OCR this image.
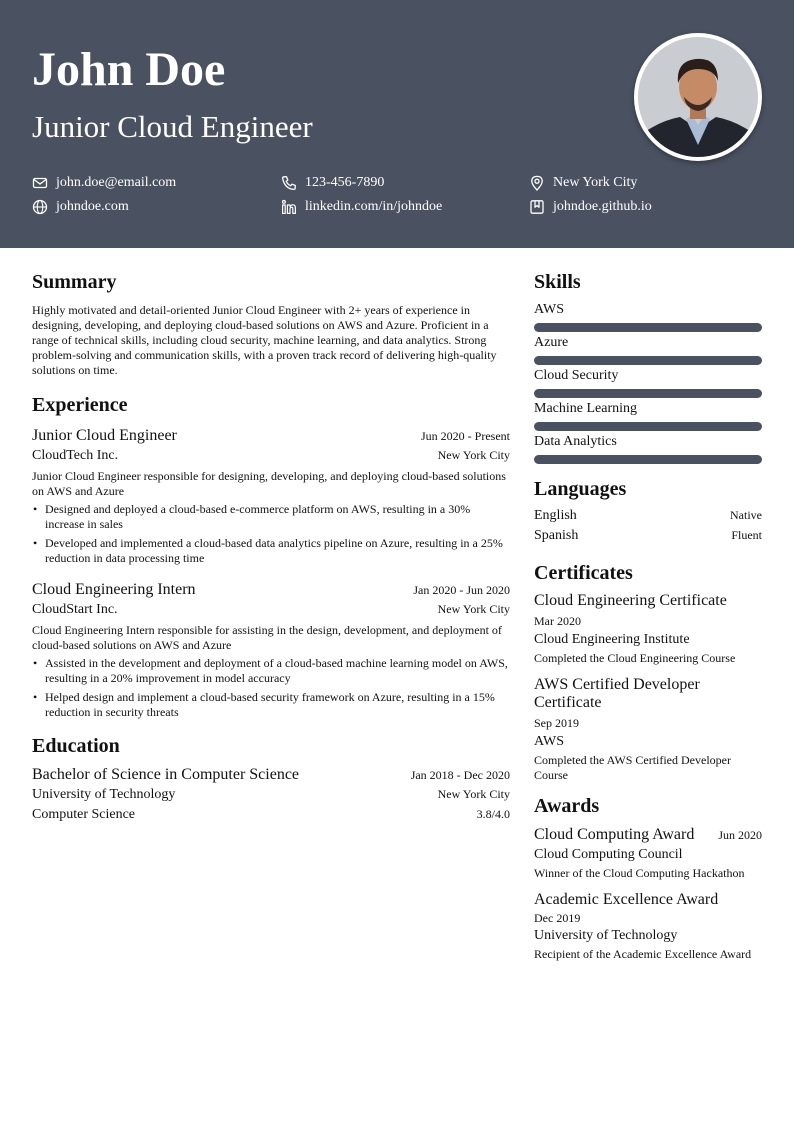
John Doe
Junior Cloud Engineer
john.doe@email.com	123-456-7890	New York City
johndoe.com	linkedin.com/in/johndoe	johndoe.github.io
Summary

Highly motivated and detail-oriented Junior Cloud Engineer with 2+ years of experience in designing, developing, and deploying cloud-based solutions on AWS and Azure. Proficient in a range of technical skills, including cloud security, machine learning, and data analytics. Strong problem-solving and communication skills, with a proven track record of delivering high-quality solutions on time.

Experience
Junior Cloud Engineer	Jun 2020 - Present
CloudTech Inc.	New York City

Junior Cloud Engineer responsible for designing, developing, and deploying cloud-based solutions on AWS and Azure

• Designed and deployed a cloud-based e-commerce platform on AWS, resulting in a 30% increase in sales
• Developed and implemented a cloud-based data analytics pipeline on Azure, resulting in a 25% reduction in data processing time
Cloud Engineering Intern	Jan 2020 - Jun 2020
CloudStart Inc.	New York City

Cloud Engineering Intern responsible for assisting in the design, development, and deployment of cloud-based solutions on AWS and Azure

• Assisted in the development and deployment of a cloud-based machine learning model on AWS, resulting in a 20% improvement in model accuracy
• Helped design and implement a cloud-based security framework on Azure, resulting in a 15% reduction in security threats
Education
Bachelor of Science in Computer Science	Jan 2018 - Dec 2020
University of Technology	New York City
Computer Science	3.8/4.0
Skills
AWS
Azure
Cloud Security
Machine Learning
Data Analytics
Languages
English	Native
Spanish	Fluent
Certificates
Cloud Engineering Certificate
Mar 2020
Cloud Engineering Institute
Completed the Cloud Engineering Course
AWS Certified Developer Certificate
Sep 2019
AWS
Completed the AWS Certified Developer Course
Awards
Cloud Computing Award Jun 2020
Cloud Computing Council
Winner of the Cloud Computing Hackathon
Academic Excellence Award
Dec 2019
University of Technology
Recipient of the Academic Excellence Award
